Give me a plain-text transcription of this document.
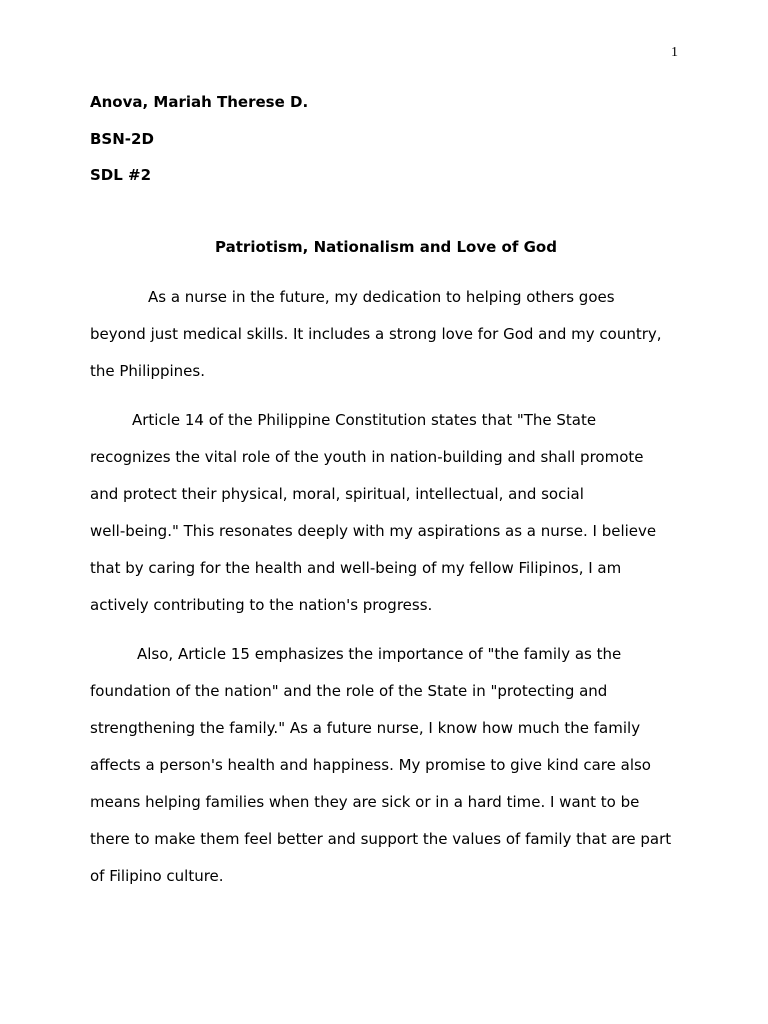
1
Anova, Mariah Therese D.
BSN-2D
SDL #2
Patriotism, Nationalism and Love of God
As a nurse in the future, my dedication to helping others goes
beyond just medical skills. It includes a strong love for God and my country,
the Philippines.
Article 14 of the Philippine Constitution states that "The State
recognizes the vital role of the youth in nation-building and shall promote
and protect their physical, moral, spiritual, intellectual, and social
well-being." This resonates deeply with my aspirations as a nurse. I believe
that by caring for the health and well-being of my fellow Filipinos, I am
actively contributing to the nation's progress.
Also, Article 15 emphasizes the importance of "the family as the
foundation of the nation" and the role of the State in "protecting and
strengthening the family." As a future nurse, I know how much the family
affects a person's health and happiness. My promise to give kind care also
means helping families when they are sick or in a hard time. I want to be
there to make them feel better and support the values of family that are part
of Filipino culture.
